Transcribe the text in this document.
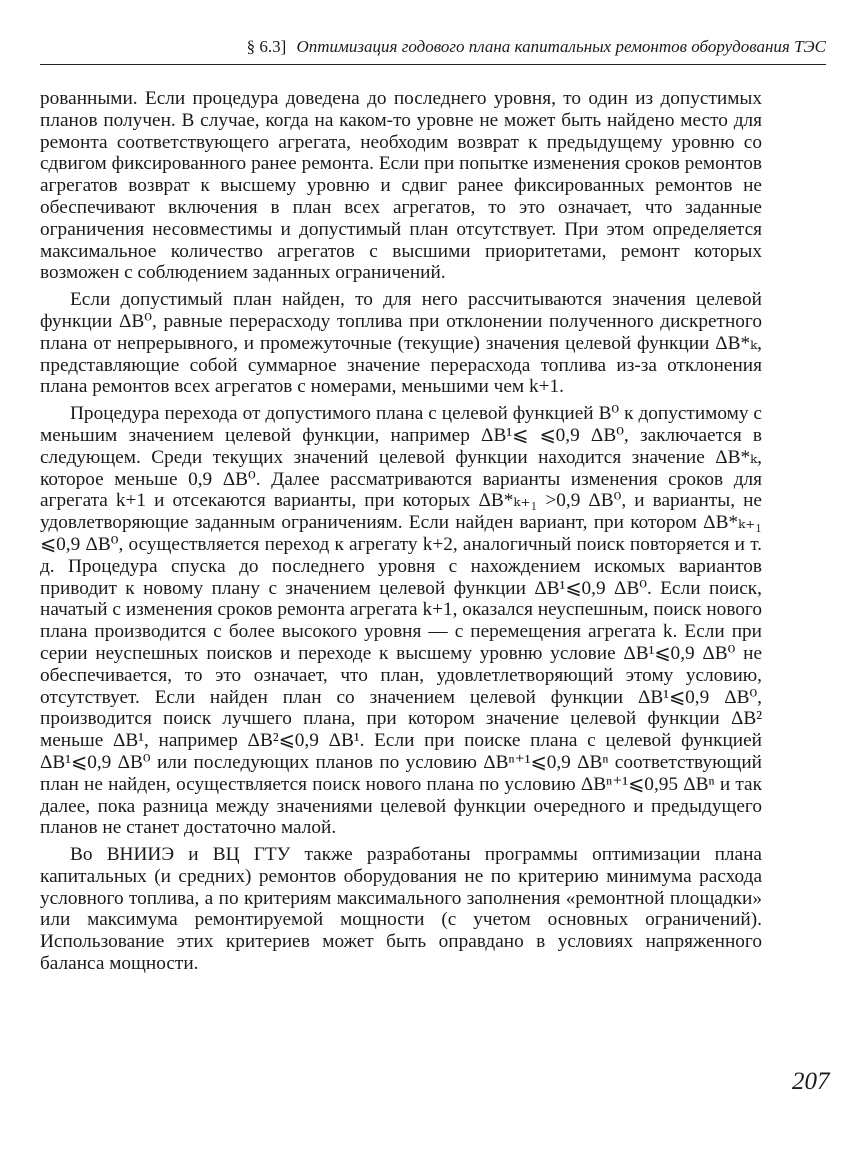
§ 6.3] Оптимизация годового плана капитальных ремонтов оборудования ТЭС

рованными. Если процедура доведена до последнего уровня, то один из допустимых планов получен. В случае, когда на каком-то уровне не может быть найдено место для ремонта соответствующего агрегата, необходим возврат к предыдущему уровню со сдвигом фиксированного ранее ремонта. Если при попытке изменения сроков ремонтов агрегатов возврат к высшему уровню и сдвиг ранее фиксированных ремонтов не обеспечивают включения в план всех агрегатов, то это означает, что заданные ограничения несовместимы и допустимый план отсутствует. При этом определяется максимальное количество агрегатов с высшими приоритетами, ремонт которых возможен с соблюдением заданных ограничений.

Если допустимый план найден, то для него рассчитываются значения целевой функции ΔB⁰, равные перерасходу топлива при отклонении полученного дискретного плана от непрерывного, и промежуточные (текущие) значения целевой функции ΔB*ₖ, представляющие собой суммарное значение перерасхода топлива из-за отклонения плана ремонтов всех агрегатов с номерами, меньшими чем k+1.

Процедура перехода от допустимого плана с целевой функцией B⁰ к допустимому с меньшим значением целевой функции, например ΔB¹⩽ ⩽0,9 ΔB⁰, заключается в следующем. Среди текущих значений целевой функции находится значение ΔB*ₖ, которое меньше 0,9 ΔB⁰. Далее рассматриваются варианты изменения сроков для агрегата k+1 и отсекаются варианты, при которых ΔB*ₖ₊₁ >0,9 ΔB⁰, и варианты, не удовлетворяющие заданным ограничениям. Если найден вариант, при котором ΔB*ₖ₊₁ ⩽0,9 ΔB⁰, осуществляется переход к агрегату k+2, аналогичный поиск повторяется и т. д. Процедура спуска до последнего уровня с нахождением искомых вариантов приводит к новому плану с значением целевой функции ΔB¹⩽0,9 ΔB⁰. Если поиск, начатый с изменения сроков ремонта агрегата k+1, оказался неуспешным, поиск нового плана производится с более высокого уровня — с перемещения агрегата k. Если при серии неуспешных поисков и переходе к высшему уровню условие ΔB¹⩽0,9 ΔB⁰ не обеспечивается, то это означает, что план, удовлетлетворяющий этому условию, отсутствует. Если найден план со значением целевой функции ΔB¹⩽0,9 ΔB⁰, производится поиск лучшего плана, при котором значение целевой функции ΔB² меньше ΔB¹, например ΔB²⩽0,9 ΔB¹. Если при поиске плана с целевой функцией ΔB¹⩽0,9 ΔB⁰ или последующих планов по условию ΔBⁿ⁺¹⩽0,9 ΔBⁿ соответствующий план не найден, осуществляется поиск нового плана по условию ΔBⁿ⁺¹⩽0,95 ΔBⁿ и так далее, пока разница между значениями целевой функции очередного и предыдущего планов не станет достаточно малой.

Во ВНИИЭ и ВЦ ГТУ также разработаны программы оптимизации плана капитальных (и средних) ремонтов оборудования не по критерию минимума расхода условного топлива, а по критериям максимального заполнения «ремонтной площадки» или максимума ремонтируемой мощности (с учетом основных ограничений). Использование этих критериев может быть оправдано в условиях напряженного баланса мощности.

207
